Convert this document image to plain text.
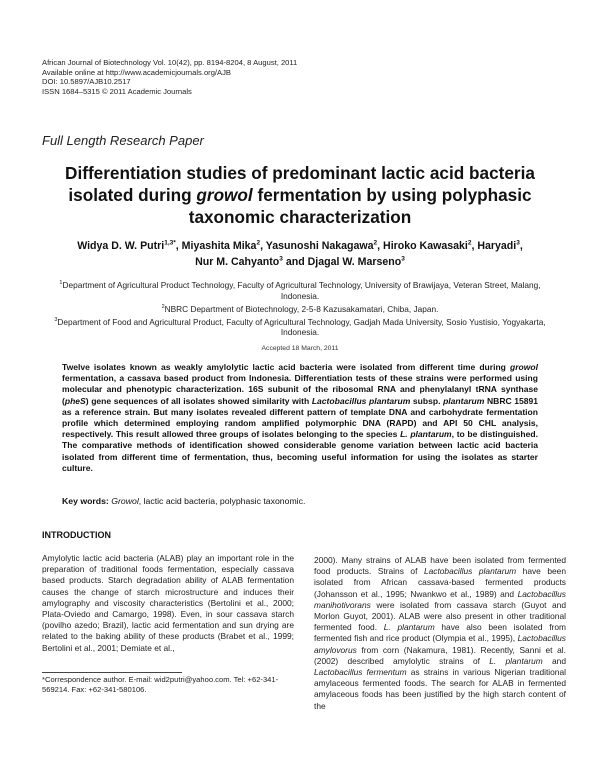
African Journal of Biotechnology Vol. 10(42), pp. 8194-8204, 8 August, 2011
Available online at http://www.academicjournals.org/AJB
DOI: 10.5897/AJB10.2517
ISSN 1684–5315 © 2011 Academic Journals
Full Length Research Paper
Differentiation studies of predominant lactic acid bacteria isolated during growol fermentation by using polyphasic taxonomic characterization
Widya D. W. Putri$^{1,3*}$, Miyashita Mika$^2$, Yasunoshi Nakagawa$^2$, Hiroko Kawasaki$^2$, Haryadi$^3$,
Nur M. Cahyanto$^3$ and Djagal W. Marseno$^3$
$^1$Department of Agricultural Product Technology, Faculty of Agricultural Technology, University of Brawijaya, Veteran Street, Malang, Indonesia.
$^2$NBRC Department of Biotechnology, 2-5-8 Kazusakamatari, Chiba, Japan.
$^3$Department of Food and Agricultural Product, Faculty of Agricultural Technology, Gadjah Mada University, Sosio Yustisio, Yogyakarta, Indonesia.
Accepted 18 March, 2011
Twelve isolates known as weakly amylolytic lactic acid bacteria were isolated from different time during growol fermentation, a cassava based product from Indonesia. Differentiation tests of these strains were performed using molecular and phenotypic characterization. 16S subunit of the ribosomal RNA and phenylalanyl tRNA synthase (pheS) gene sequences of all isolates showed similarity with Lactobacillus plantarum subsp. plantarum NBRC 15891 as a reference strain. But many isolates revealed different pattern of template DNA and carbohydrate fermentation profile which determined employing random amplified polymorphic DNA (RAPD) and API 50 CHL analysis, respectively. This result allowed three groups of isolates belonging to the species L. plantarum, to be distinguished. The comparative methods of identification showed considerable genome variation between lactic acid bacteria isolated from different time of fermentation, thus, becoming useful information for using the isolates as starter culture.
Key words: Growol, lactic acid bacteria, polyphasic taxonomic.
INTRODUCTION
Amylolytic lactic acid bacteria (ALAB) play an important role in the preparation of traditional foods fermentation, especially cassava based products. Starch degradation ability of ALAB fermentation causes the change of starch microstructure and induces their amylography and viscosity characteristics (Bertolini et al., 2000; Plata-Oviedo and Camargo, 1998). Even, in sour cassava starch (povilho azedo; Brazil), lactic acid fermentation and sun drying are related to the baking ability of these products (Brabet et al., 1999; Bertolini et al., 2001; Demiate et al.,
*Correspondence author. E-mail: wid2putri@yahoo.com. Tel: +62-341-569214. Fax: +62-341-580106.
2000). Many strains of ALAB have been isolated from fermented food products. Strains of Lactobacillus plantarum have been isolated from African cassava-based fermented products (Johansson et al., 1995; Nwankwo et al., 1989) and Lactobacillus manihotivorans were isolated from cassava starch (Guyot and Morlon Guyot, 2001). ALAB were also present in other traditional fermented food. L. plantarum have also been isolated from fermented fish and rice product (Olympia et al., 1995), Lactobacillus amylovorus from corn (Nakamura, 1981). Recently, Sanni et al. (2002) described amylolytic strains of L. plantarum and Lactobacillus fermentum as strains in various Nigerian traditional amylaceous fermented foods. The search for ALAB in fermented amylaceous foods has been justified by the high starch content of the
